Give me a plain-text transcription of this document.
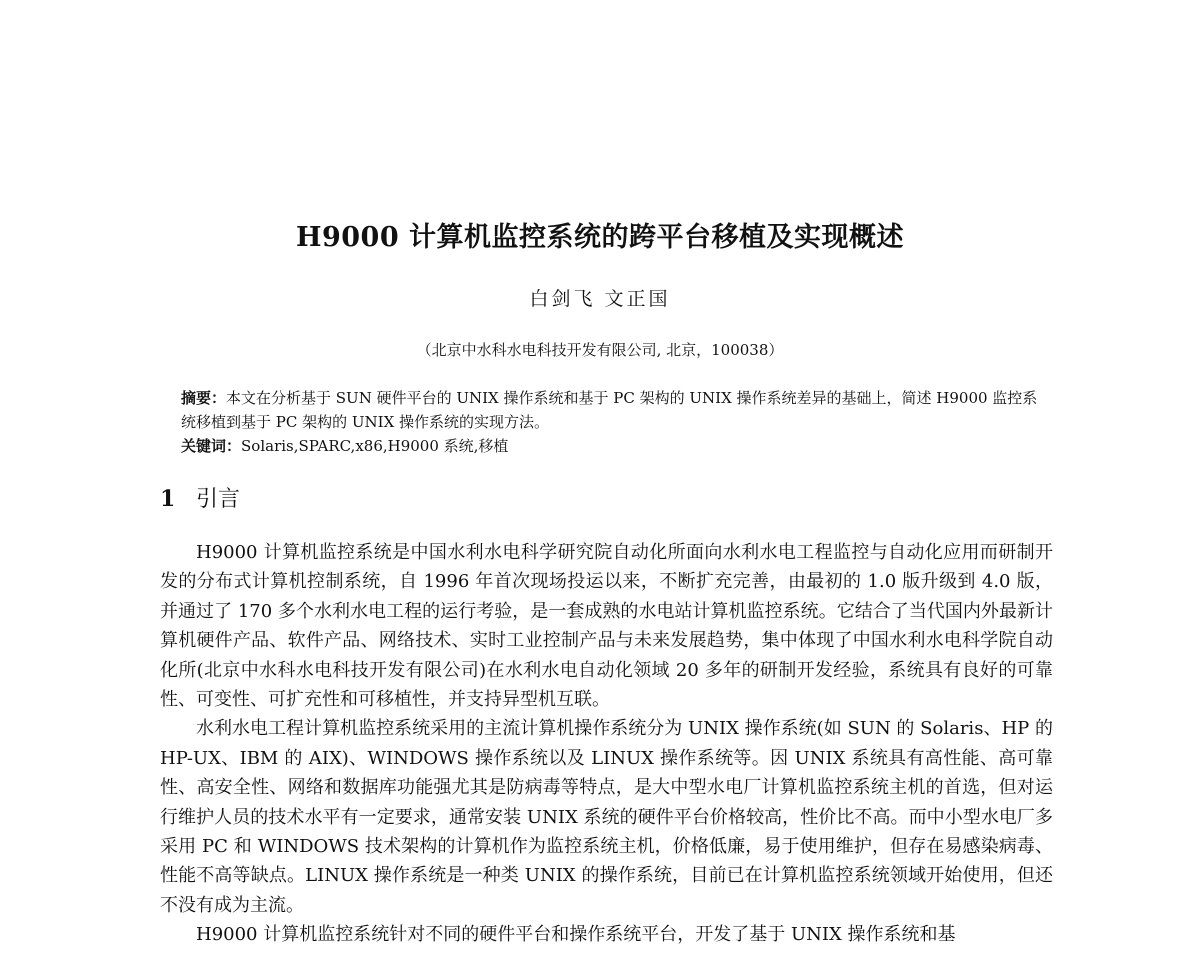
H9000 计算机监控系统的跨平台移植及实现概述
白剑飞 文正国
（北京中水科水电科技开发有限公司, 北京，100038）
摘要：本文在分析基于 SUN 硬件平台的 UNIX 操作系统和基于 PC 架构的 UNIX 操作系统差异的基础上，简述 H9000 监控系统移植到基于 PC 架构的 UNIX 操作系统的实现方法。
关键词：Solaris,SPARC,x86,H9000 系统,移植
1 引言

H9000 计算机监控系统是中国水利水电科学研究院自动化所面向水利水电工程监控与自动化应用而研制开发的分布式计算机控制系统，自 1996 年首次现场投运以来，不断扩充完善，由最初的 1.0 版升级到 4.0 版，并通过了 170 多个水利水电工程的运行考验，是一套成熟的水电站计算机监控系统。它结合了当代国内外最新计算机硬件产品、软件产品、网络技术、实时工业控制产品与未来发展趋势，集中体现了中国水利水电科学院自动化所(北京中水科水电科技开发有限公司)在水利水电自动化领域 20 多年的研制开发经验，系统具有良好的可靠性、可变性、可扩充性和可移植性，并支持异型机互联。

水利水电工程计算机监控系统采用的主流计算机操作系统分为 UNIX 操作系统(如 SUN 的 Solaris、HP 的 HP-UX、IBM 的 AIX)、WINDOWS 操作系统以及 LINUX 操作系统等。因 UNIX 系统具有高性能、高可靠性、高安全性、网络和数据库功能强尤其是防病毒等特点，是大中型水电厂计算机监控系统主机的首选，但对运行维护人员的技术水平有一定要求，通常安装 UNIX 系统的硬件平台价格较高，性价比不高。而中小型水电厂多采用 PC 和 WINDOWS 技术架构的计算机作为监控系统主机，价格低廉，易于使用维护，但存在易感染病毒、性能不高等缺点。LINUX 操作系统是一种类 UNIX 的操作系统，目前已在计算机监控系统领域开始使用，但还不没有成为主流。

H9000 计算机监控系统针对不同的硬件平台和操作系统平台，开发了基于 UNIX 操作系统和基
